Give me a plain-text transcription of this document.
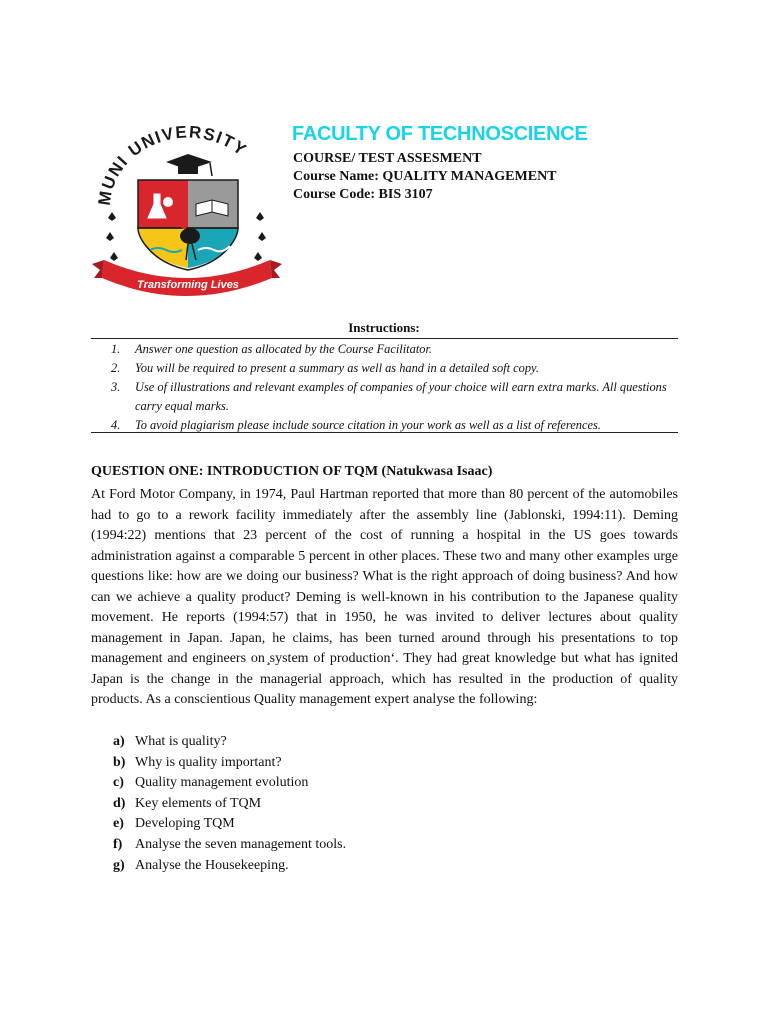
MUNI UNIVERSITY
Transforming Lives
FACULTY OF TECHNOSCIENCE
COURSE/ TEST ASSESMENT
Course Name: QUALITY MANAGEMENT
Course Code: BIS 3107
Instructions:
1. Answer one question as allocated by the Course Facilitator.
2. You will be required to present a summary as well as hand in a detailed soft copy.
3. Use of illustrations and relevant examples of companies of your choice will earn extra marks. All questions carry equal marks.
4. To avoid plagiarism please include source citation in your work as well as a list of references.
QUESTION ONE: INTRODUCTION OF TQM (Natukwasa Isaac)

At Ford Motor Company, in 1974, Paul Hartman reported that more than 80 percent of the automobiles had to go to a rework facility immediately after the assembly line (Jablonski, 1994:11). Deming (1994:22) mentions that 23 percent of the cost of running a hospital in the US goes towards administration against a comparable 5 percent in other places. These two and many other examples urge questions like: how are we doing our business? What is the right approach of doing business? And how can we achieve a quality product? Deming is well-known in his contribution to the Japanese quality movement. He reports (1994:57) that in 1950, he was invited to deliver lectures about quality management in Japan. Japan, he claims, has been turned around through his presentations to top management and engineers on ̧system of production‘. They had great knowledge but what has ignited Japan is the change in the managerial approach, which has resulted in the production of quality products. As a conscientious Quality management expert analyse the following:

a) What is quality?
b) Why is quality important?
c) Quality management evolution
d) Key elements of TQM
e) Developing TQM
f) Analyse the seven management tools.
g) Analyse the Housekeeping.
